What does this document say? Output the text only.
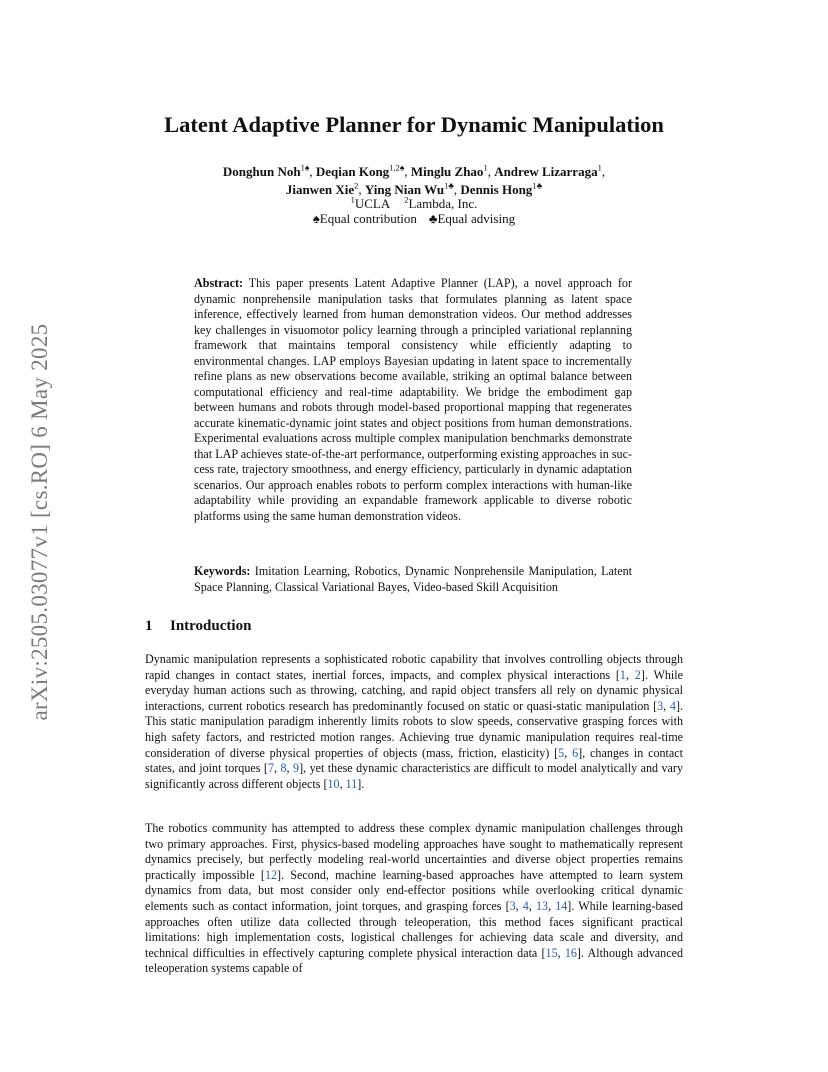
arXiv:2505.03077v1 [cs.RO] 6 May 2025
Latent Adaptive Planner for Dynamic Manipulation
Donghun Noh$^{1♠}$, Deqian Kong$^{1,2♠}$, Minglu Zhao$^1$, Andrew Lizarraga$^1$,
Jianwen Xie$^2$, Ying Nian $Wu^{1♣}$, Dennis Hong$^{1♣}$
$^1$UCLA $^2$Lambda, Inc.
♠Equal contribution ♣Equal advising
Abstract: This paper presents Latent Adaptive Planner (LAP), a novel approach for dynamic nonprehensile manipulation tasks that formulates planning as latent space inference, effectively learned from human demonstration videos. Our method addresses key challenges in visuomotor policy learning through a principled variational replanning framework that maintains temporal consistency while efficiently adapting to environmental changes. LAP employs Bayesian updating in latent space to incrementally refine plans as new observations become available, striking an optimal balance between computational efficiency and real-time adaptability. We bridge the embodiment gap between humans and robots through model-based proportional mapping that regenerates accurate kinematic-dynamic joint states and object positions from human demonstrations. Experimental evaluations across multiple complex manipulation benchmarks demonstrate that LAP achieves state-of-the-art performance, outperforming existing approaches in success rate, trajectory smoothness, and energy efficiency, particularly in dynamic adaptation scenarios. Our approach enables robots to perform complex interactions with human-like adaptability while providing an expandable framework applicable to diverse robotic platforms using the same human demonstration videos.
Keywords: Imitation Learning, Robotics, Dynamic Nonprehensile Manipulation, Latent Space Planning, Classical Variational Bayes, Video-based Skill Acquisition
1 Introduction
Dynamic manipulation represents a sophisticated robotic capability that involves controlling objects through rapid changes in contact states, inertial forces, impacts, and complex physical interactions [1, 2]. While everyday human actions such as throwing, catching, and rapid object transfers all rely on dynamic physical interactions, current robotics research has predominantly focused on static or quasi-static manipulation [3, 4]. This static manipulation paradigm inherently limits robots to slow speeds, conservative grasping forces with high safety factors, and restricted motion ranges. Achieving true dynamic manipulation requires real-time consideration of diverse physical properties of objects (mass, friction, elasticity) [5, 6], changes in contact states, and joint torques [7, 8, 9], yet these dynamic characteristics are difficult to model analytically and vary significantly across different objects [10, 11].
The robotics community has attempted to address these complex dynamic manipulation challenges through two primary approaches. First, physics-based modeling approaches have sought to mathematically represent dynamics precisely, but perfectly modeling real-world uncertainties and diverse object properties remains practically impossible [12]. Second, machine learning-based approaches have attempted to learn system dynamics from data, but most consider only end-effector positions while overlooking critical dynamic elements such as contact information, joint torques, and grasping forces [3, 4, 13, 14]. While learning-based approaches often utilize data collected through teleoperation, this method faces significant practical limitations: high implementation costs, logistical challenges for achieving data scale and diversity, and technical difficulties in effectively capturing complete physical interaction data [15, 16]. Although advanced teleoperation systems capable of
